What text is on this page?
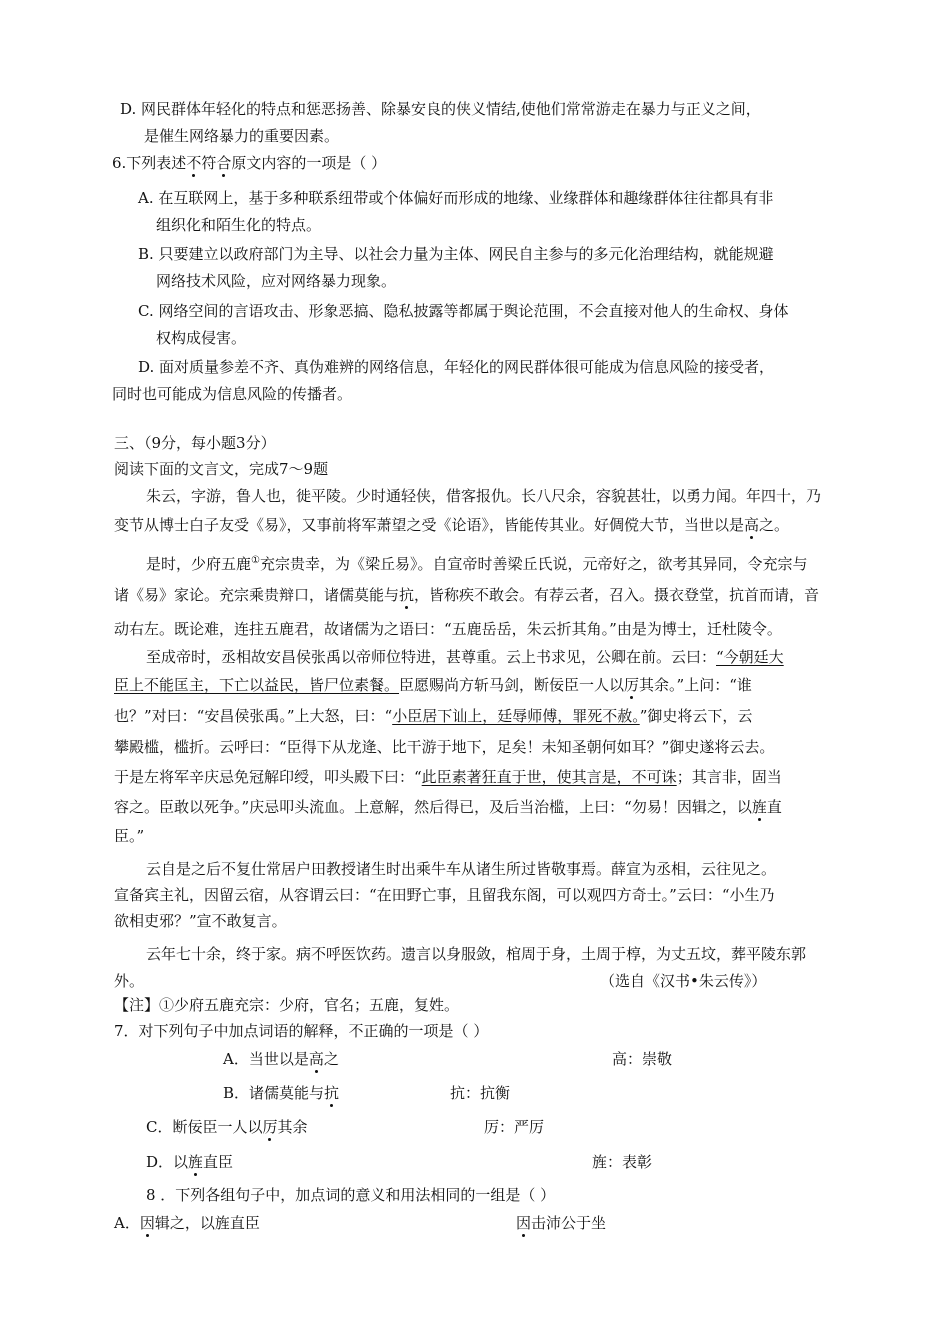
D. 网民群体年轻化的特点和惩恶扬善、除暴安良的侠义情结,使他们常常游走在暴力与正义之间，
是催生网络暴力的重要因素。
6.下列表述不符合原文内容的一项是（ ）
A. 在互联网上，基于多种联系纽带或个体偏好而形成的地缘、业缘群体和趣缘群体往往都具有非
组织化和陌生化的特点。
B. 只要建立以政府部门为主导、以社会力量为主体、网民自主参与的多元化治理结构，就能规避
网络技术风险，应对网络暴力现象。
C. 网络空间的言语攻击、形象恶搞、隐私披露等都属于舆论范围，不会直接对他人的生命权、身体
权构成侵害。
D. 面对质量参差不齐、真伪难辨的网络信息，年轻化的网民群体很可能成为信息风险的接受者，
同时也可能成为信息风险的传播者。
三、（9分，每小题3分）
阅读下面的文言文，完成7～9题
朱云，字游，鲁人也，徙平陵。少时通轻侠，借客报仇。长八尺余，容貌甚壮，以勇力闻。年四十，乃
变节从博士白子友受《易》，又事前将军萧望之受《论语》，皆能传其业。好倜傥大节，当世以是高之。
是时，少府五鹿①充宗贵幸，为《梁丘易》。自宣帝时善梁丘氏说，元帝好之，欲考其异同，令充宗与
诸《易》家论。充宗乘贵辩口，诸儒莫能与抗，皆称疾不敢会。有荐云者，召入。摄衣登堂，抗首而请，音
动右左。既论难，连拄五鹿君，故诸儒为之语曰：“五鹿岳岳，朱云折其角。”由是为博士，迁杜陵令。
至成帝时，丞相故安昌侯张禹以帝师位特进，甚尊重。云上书求见，公卿在前。云曰：“今朝廷大
臣上不能匡主，下亡以益民，皆尸位素餐。臣愿赐尚方斩马剑，断佞臣一人以厉其余。”上问：“谁
也？”对曰：“安昌侯张禹。”上大怒，曰：“小臣居下讪上，廷辱师傅，罪死不赦。”御史将云下，云
攀殿槛，槛折。云呼曰：“臣得下从龙逄、比干游于地下，足矣！未知圣朝何如耳？”御史遂将云去。
于是左将军辛庆忌免冠解印绶，叩头殿下曰：“此臣素著狂直于世，使其言是，不可诛；其言非，固当
容之。臣敢以死争。”庆忌叩头流血。上意解，然后得已，及后当治槛，上曰：“勿易！因辑之，以旌直
臣。”
云自是之后不复仕常居户田教授诸生时出乘牛车从诸生所过皆敬事焉。薛宣为丞相，云往见之。
宣备宾主礼，因留云宿，从容谓云曰：“在田野亡事，且留我东阁，可以观四方奇士。”云曰：“小生乃
欲相吏邪？”宣不敢复言。
云年七十余，终于家。病不呼医饮药。遗言以身服敛，棺周于身，土周于椁，为丈五坟，葬平陵东郭
外。	（选自《汉书•朱云传》）
【注】①少府五鹿充宗：少府，官名；五鹿，复姓。
7．对下列句子中加点词语的解释，不正确的一项是（ ）
A．当世以是高之	高：崇敬
B．诸儒莫能与抗	抗：抗衡
C．断佞臣一人以厉其余	厉：严厉
D．以旌直臣	旌：表彰
8 ．下列各组句子中，加点词的意义和用法相同的一组是（ ）
A．因辑之，以旌直臣	因击沛公于坐
